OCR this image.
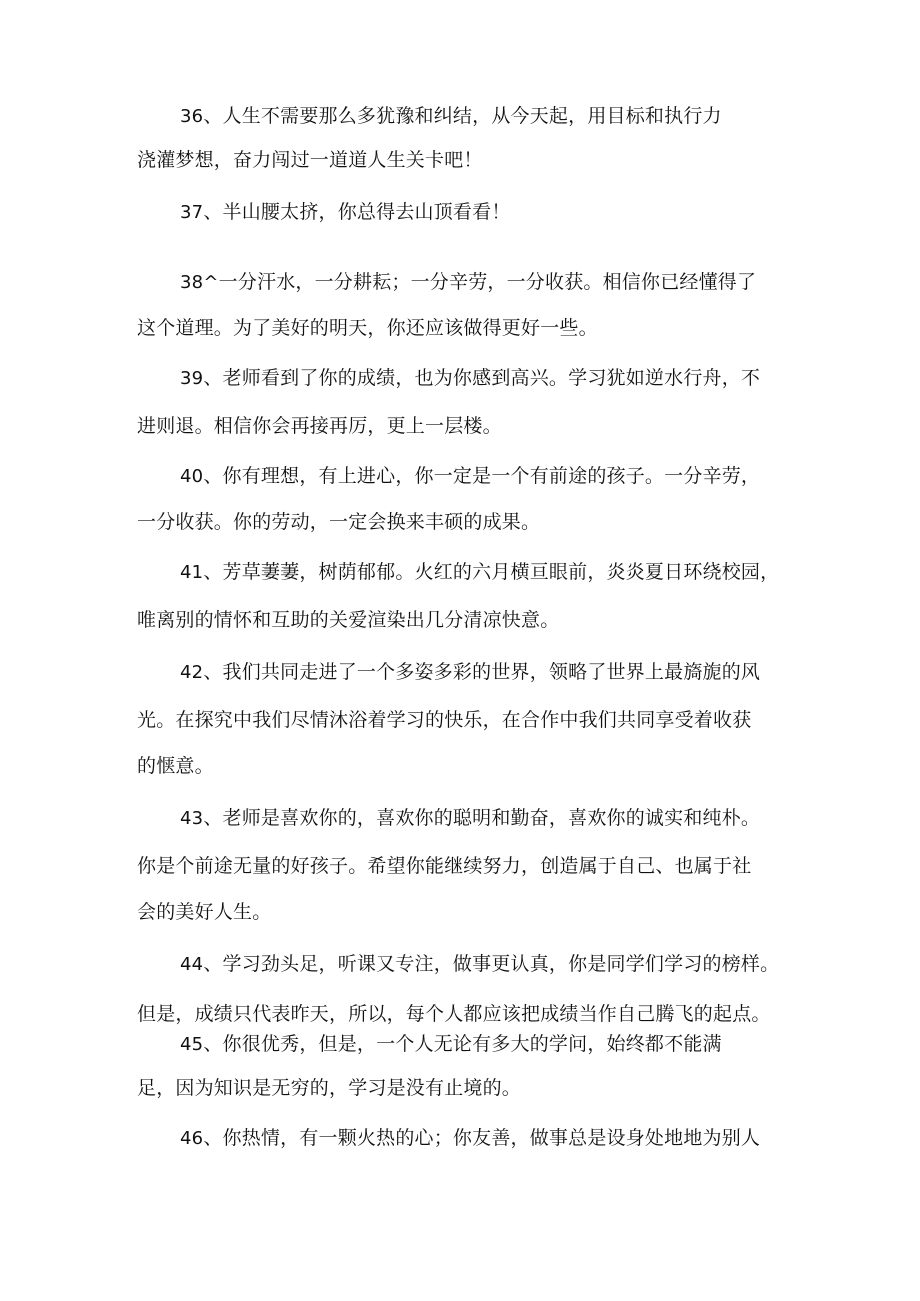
36、人生不需要那么多犹豫和纠结，从今天起，用目标和执行力
浇灌梦想，奋力闯过一道道人生关卡吧！
37、半山腰太挤，你总得去山顶看看！
38^一分汗水，一分耕耘；一分辛劳，一分收获。相信你已经懂得了
这个道理。为了美好的明天，你还应该做得更好一些。
39、老师看到了你的成绩，也为你感到高兴。学习犹如逆水行舟，不
进则退。相信你会再接再厉，更上一层楼。
40、你有理想，有上进心，你一定是一个有前途的孩子。一分辛劳，
一分收获。你的劳动，一定会换来丰硕的成果。
41、芳草萋萋，树荫郁郁。火红的六月横亘眼前，炎炎夏日环绕校园，
唯离别的情怀和互助的关爱渲染出几分清凉快意。
42、我们共同走进了一个多姿多彩的世界，领略了世界上最旖旎的风
光。在探究中我们尽情沐浴着学习的快乐，在合作中我们共同享受着收获
的惬意。
43、老师是喜欢你的，喜欢你的聪明和勤奋，喜欢你的诚实和纯朴。
你是个前途无量的好孩子。希望你能继续努力，创造属于自己、也属于社
会的美好人生。
44、学习劲头足，听课又专注，做事更认真，你是同学们学习的榜样。
但是，成绩只代表昨天，所以，每个人都应该把成绩当作自己腾飞的起点。
45、你很优秀，但是，一个人无论有多大的学问，始终都不能满
足，因为知识是无穷的，学习是没有止境的。
46、你热情，有一颗火热的心；你友善，做事总是设身处地地为别人
